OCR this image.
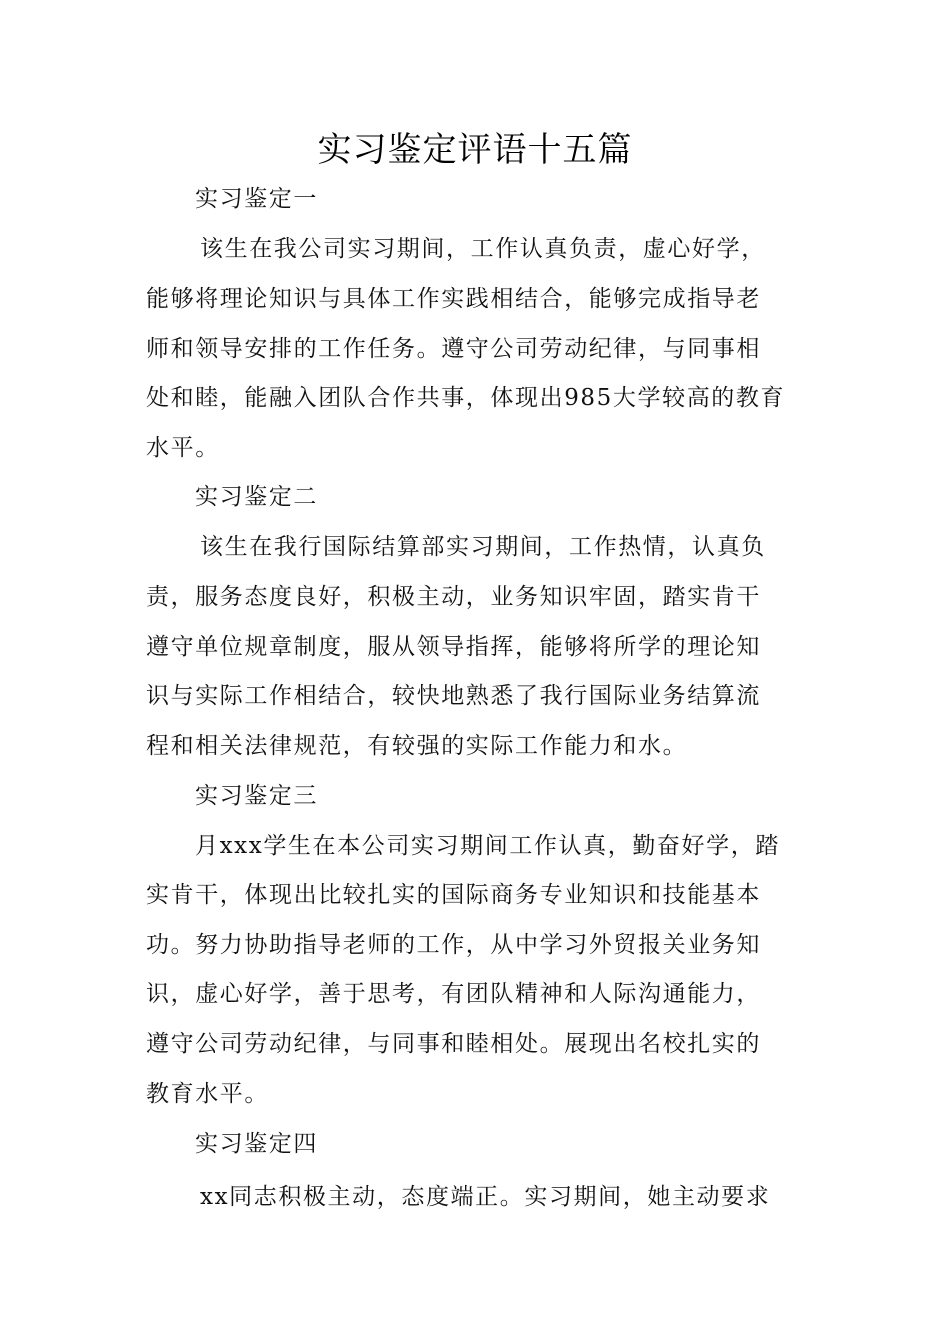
实习鉴定评语十五篇
实习鉴定一
该生在我公司实习期间，工作认真负责，虚心好学，
能够将理论知识与具体工作实践相结合，能够完成指导老
师和领导安排的工作任务。遵守公司劳动纪律，与同事相
处和睦，能融入团队合作共事，体现出985大学较高的教育
水平。
实习鉴定二
该生在我行国际结算部实习期间，工作热情，认真负
责，服务态度良好，积极主动，业务知识牢固，踏实肯干
遵守单位规章制度，服从领导指挥，能够将所学的理论知
识与实际工作相结合，较快地熟悉了我行国际业务结算流
程和相关法律规范，有较强的实际工作能力和水。
实习鉴定三
月xxx学生在本公司实习期间工作认真，勤奋好学，踏
实肯干，体现出比较扎实的国际商务专业知识和技能基本
功。努力协助指导老师的工作，从中学习外贸报关业务知
识，虚心好学，善于思考，有团队精神和人际沟通能力，
遵守公司劳动纪律，与同事和睦相处。展现出名校扎实的
教育水平。
实习鉴定四
xx同志积极主动，态度端正。实习期间，她主动要求
